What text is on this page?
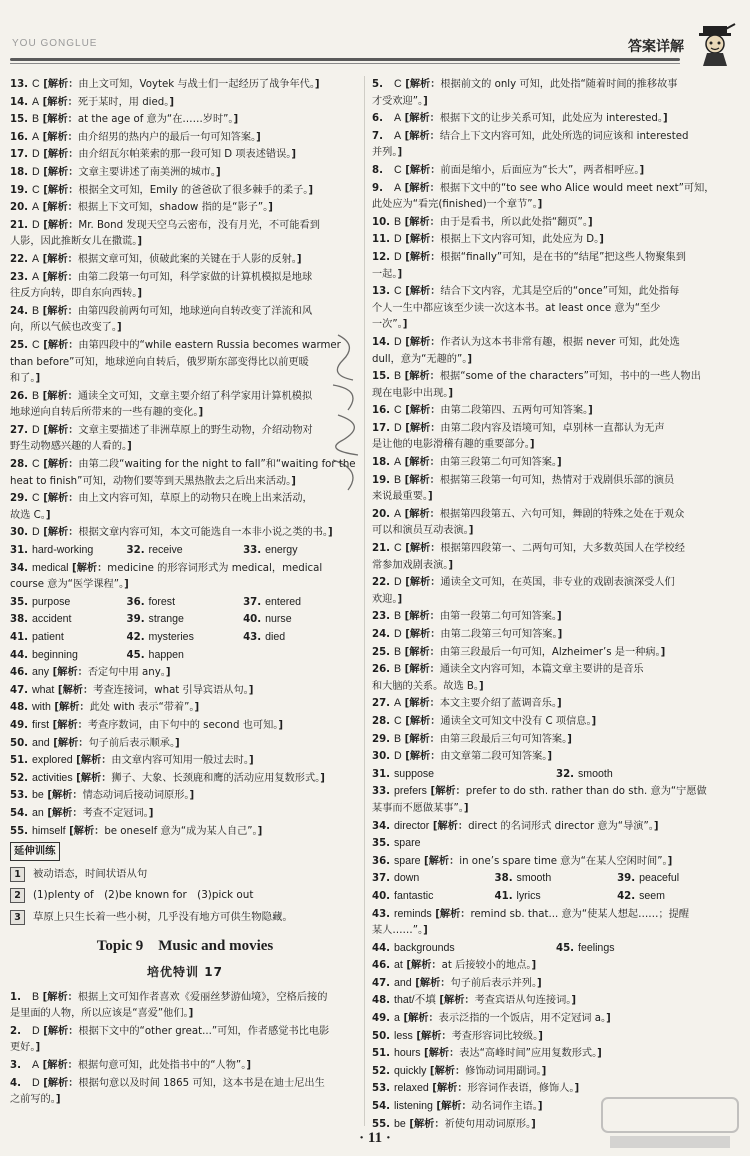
YOU GONGLUE	答案详解
13. C [解析：由上文可知，Voytek 与战士们一起经历了战争年代。]
14. A [解析：死于某时，用 died。]
15. B [解析：at the age of 意为“在……岁时”。]
16. A [解析：由介绍男的热内户的最后一句可知答案。]
17. D [解析：由介绍瓦尔帕莱索的那一段可知 D 项表述错误。]
18. D [解析：文章主要讲述了南美洲的城市。]
19. C [解析：根据全文可知，Emily 的爸爸砍了很多棘手的柔子。]
20. A [解析：根据上下文可知，shadow 指的是“影子”。]
21. D [解析：Mr. Bond 发现天空乌云密布，没有月光，不可能看到
人影，因此推断女儿在撒谎。]
22. A [解析：根据文章可知，侦破此案的关键在于人影的反射。]
23. A [解析：由第二段第一句可知，科学家做的计算机模拟是地球
往反方向转，即自东向西转。]
24. B [解析：由第四段前两句可知，地球逆向自转改变了洋流和风
向，所以气候也改变了。]
25. C [解析：由第四段中的“while eastern Russia becomes warmer
than before”可知，地球逆向自转后，俄罗斯东部变得比以前更暖
和了。]
26. B [解析：通读全文可知，文章主要介绍了科学家用计算机模拟
地球逆向自转后所带来的一些有趣的变化。]
27. D [解析：文章主要描述了非洲草原上的野生动物，介绍动物对
野生动物感兴趣的人看的。]
28. C [解析：由第二段“waiting for the night to fall”和“waiting for the
heat to finish”可知，动物们要等到天黑热散去之后出来活动。]
29. C [解析：由上文内容可知，草原上的动物只在晚上出来活动，
故选 C。]
30. D [解析：根据文章内容可知，本文可能选自一本非小说之类的书。]
31. hard-working	32. receive	33. energy
34. medical [解析：medicine 的形容词形式为 medical，medical
course 意为“医学课程”。]
35. purpose	36. forest	37. entered
38. accident	39. strange	40. nurse
41. patient	42. mysteries	43. died
44. beginning	45. happen
46. any [解析：否定句中用 any。]
47. what [解析：考查连接词，what 引导宾语从句。]
48. with [解析：此处 with 表示“带着”。]
49. first [解析：考查序数词，由下句中的 second 也可知。]
50. and [解析：句子前后表示顺承。]
51. explored [解析：由文章内容可知用一般过去时。]
52. activities [解析：狮子、大象、长颈鹿和鹰的活动应用复数形式。]
53. be [解析：情态动词后接动词原形。]
54. an [解析：考查不定冠词。]
55. himself [解析：be oneself 意为“成为某人自己”。]
延伸训练
1 被动语态，时间状语从句
2 (1)plenty of　(2)be known for　(3)pick out
3 草原上只生长着一些小树，几乎没有地方可供生物隐藏。
Topic 9　Music and movies
培优特训 17
1. B [解析：根据上文可知作者喜欢《爱丽丝梦游仙境》，空格后接的
是里面的人物，所以应该是“喜爱”他们。]
2. D [解析：根据下文中的“other great...”可知，作者感觉书比电影
更好。]
3. A [解析：根据句意可知，此处指书中的“人物”。]
4. D [解析：根据句意以及时间 1865 可知，这本书是在迪士尼出生
之前写的。]
5. C [解析：根据前文的 only 可知，此处指“随着时间的推移故事
才受欢迎”。]
6. A [解析：根据下文的让步关系可知，此处应为 interested。]
7. A [解析：结合上下文内容可知，此处所选的词应该和 interested
并列。]
8. C [解析：前面是缩小，后面应为“长大”，两者相呼应。]
9. A [解析：根据下文中的“to see who Alice would meet next”可知，
此处应为“看完(finished)一个章节”。]
10. B [解析：由于是看书，所以此处指“翻页”。]
11. D [解析：根据上下文内容可知，此处应为 D。]
12. D [解析：根据“finally”可知，是在书的“结尾”把这些人物聚集到
一起。]
13. C [解析：结合下文内容，尤其是空后的“once”可知，此处指每
个人一生中都应该至少读一次这本书。at least once 意为“至少
一次”。]
14. D [解析：作者认为这本书非常有趣，根据 never 可知，此处选
dull，意为“无趣的”。]
15. B [解析：根据“some of the characters”可知，书中的一些人物出
现在电影中出现。]
16. C [解析：由第二段第四、五两句可知答案。]
17. D [解析：由第二段内容及语境可知，卓别林一直都认为无声
是让他的电影滑稽有趣的重要部分。]
18. A [解析：由第三段第二句可知答案。]
19. B [解析：根据第三段第一句可知，热情对于戏剧俱乐部的演员
来说最重要。]
20. A [解析：根据第四段第五、六句可知，舞剧的特殊之处在于观众
可以和演员互动表演。]
21. C [解析：根据第四段第一、二两句可知，大多数英国人在学校经
常参加戏剧表演。]
22. D [解析：通读全文可知，在英国，非专业的戏剧表演深受人们
欢迎。]
23. B [解析：由第一段第二句可知答案。]
24. D [解析：由第二段第三句可知答案。]
25. B [解析：由第三段最后一句可知，Alzheimer’s 是一种病。]
26. B [解析：通读全文内容可知，本篇文章主要讲的是音乐
和大脑的关系。故选 B。]
27. A [解析：本文主要介绍了蓝调音乐。]
28. C [解析：通读全文可知文中没有 C 项信息。]
29. B [解析：由第三段最后三句可知答案。]
30. D [解析：由文章第二段可知答案。]
31. suppose	32. smooth
33. prefers [解析：prefer to do sth. rather than do sth. 意为“宁愿做
某事而不愿做某事”。]
34. director [解析：direct 的名词形式 director 意为“导演”。]
35. spare
36. spare [解析：in one’s spare time 意为“在某人空闲时间”。]
37. down	38. smooth	39. peaceful
40. fantastic	41. lyrics	42. seem
43. reminds [解析：remind sb. that... 意为“使某人想起……；提醒
某人……”。]
44. backgrounds	45. feelings
46. at [解析：at 后接较小的地点。]
47. and [解析：句子前后表示并列。]
48. that/不填 [解析：考查宾语从句连接词。]
49. a [解析：表示泛指的一个饭店，用不定冠词 a。]
50. less [解析：考查形容词比较级。]
51. hours [解析：表达“高峰时间”应用复数形式。]
52. quickly [解析：修饰动词用副词。]
53. relaxed [解析：形容词作表语，修饰人。]
54. listening [解析：动名词作主语。]
55. be [解析：祈使句用动词原形。]
· 11 ·
